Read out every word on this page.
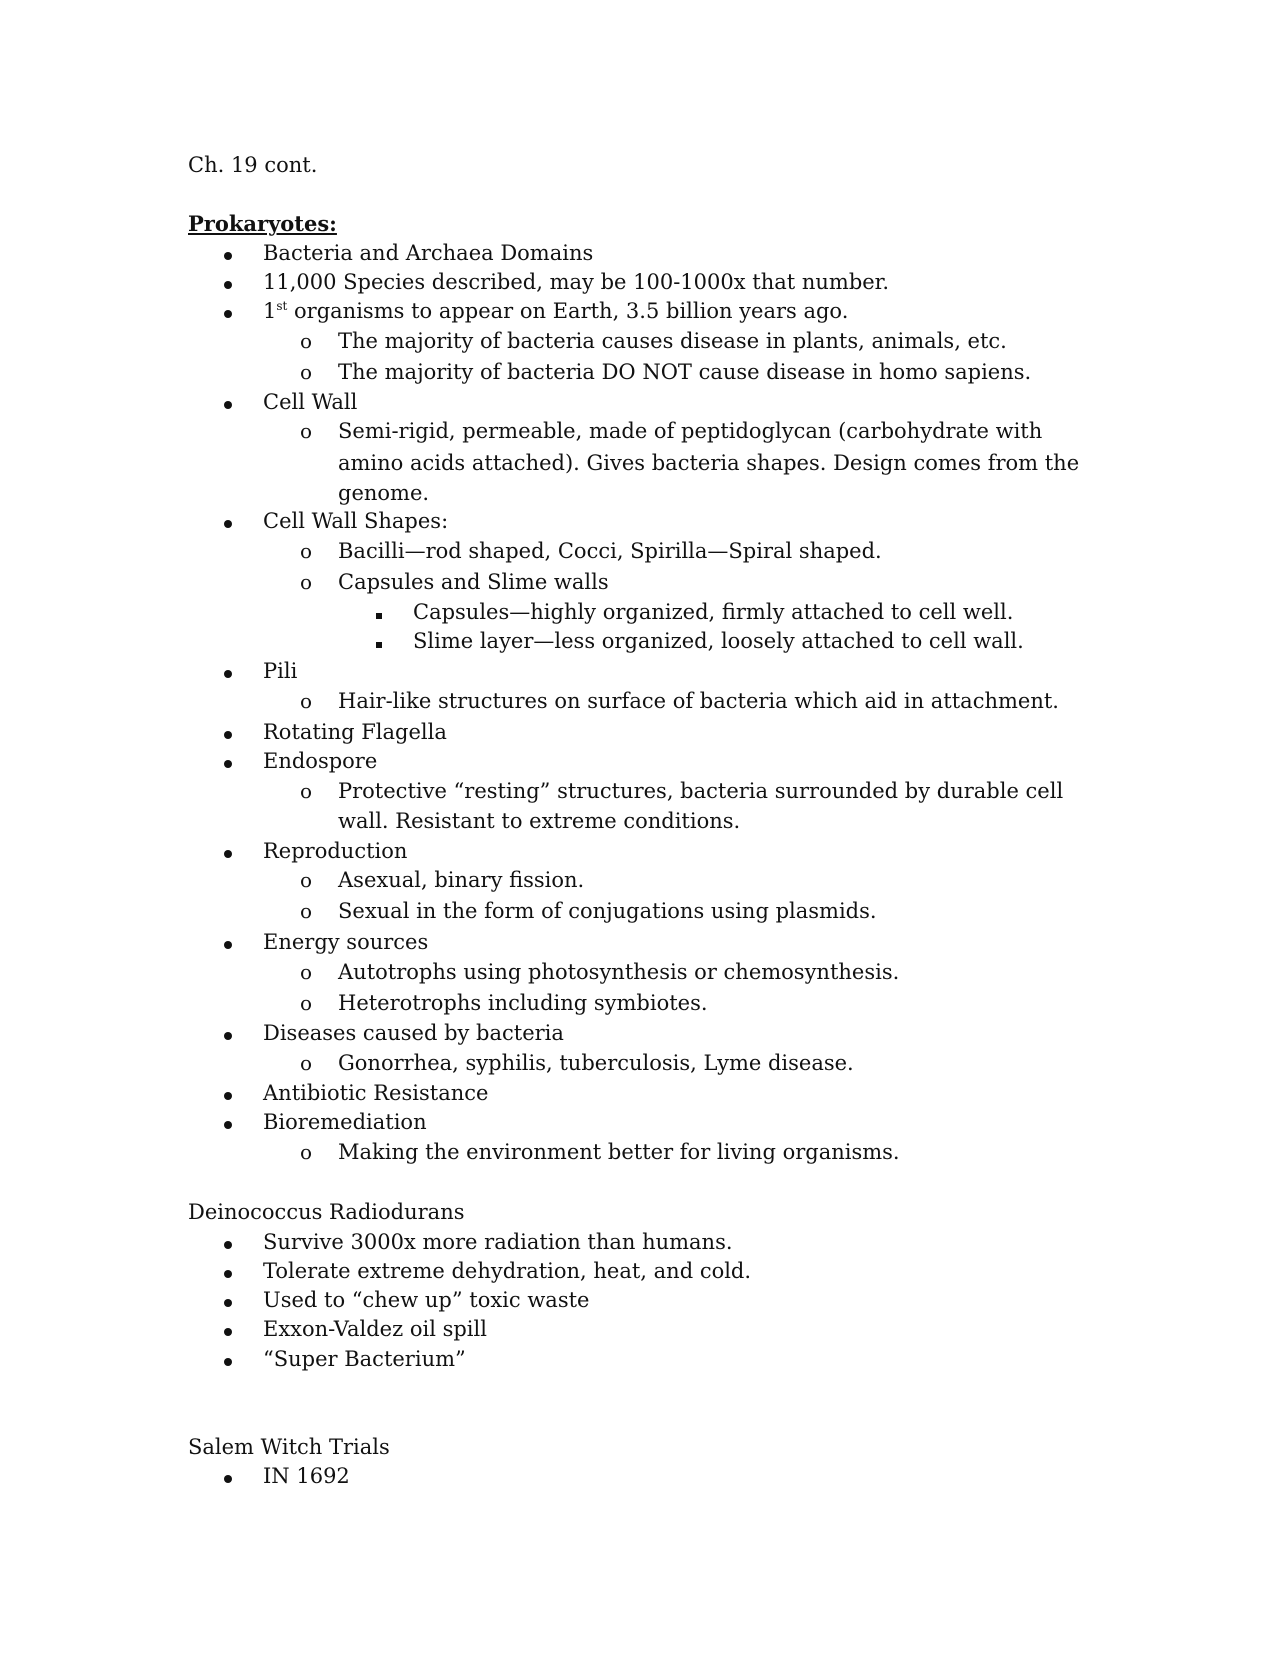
Ch. 19 cont.
Prokaryotes:
Bacteria and Archaea Domains
11,000 Species described, may be 100-1000x that number.
1st organisms to appear on Earth, 3.5 billion years ago.
o The majority of bacteria causes disease in plants, animals, etc.
o The majority of bacteria DO NOT cause disease in homo sapiens.
Cell Wall
o Semi-rigid, permeable, made of peptidoglycan (carbohydrate with
amino acids attached). Gives bacteria shapes. Design comes from the
genome.
Cell Wall Shapes:
o Bacilli—rod shaped, Cocci, Spirilla—Spiral shaped.
o Capsules and Slime walls
Capsules—highly organized, firmly attached to cell well.
Slime layer—less organized, loosely attached to cell wall.
Pili
o Hair-like structures on surface of bacteria which aid in attachment.
Rotating Flagella
Endospore
o Protective “resting” structures, bacteria surrounded by durable cell
wall. Resistant to extreme conditions.
Reproduction
o Asexual, binary fission.
o Sexual in the form of conjugations using plasmids.
Energy sources
o Autotrophs using photosynthesis or chemosynthesis.
o Heterotrophs including symbiotes.
Diseases caused by bacteria
o Gonorrhea, syphilis, tuberculosis, Lyme disease.
Antibiotic Resistance
Bioremediation
o Making the environment better for living organisms.
Deinococcus Radiodurans
Survive 3000x more radiation than humans.
Tolerate extreme dehydration, heat, and cold.
Used to “chew up” toxic waste
Exxon-Valdez oil spill
“Super Bacterium”
Salem Witch Trials
IN 1692
